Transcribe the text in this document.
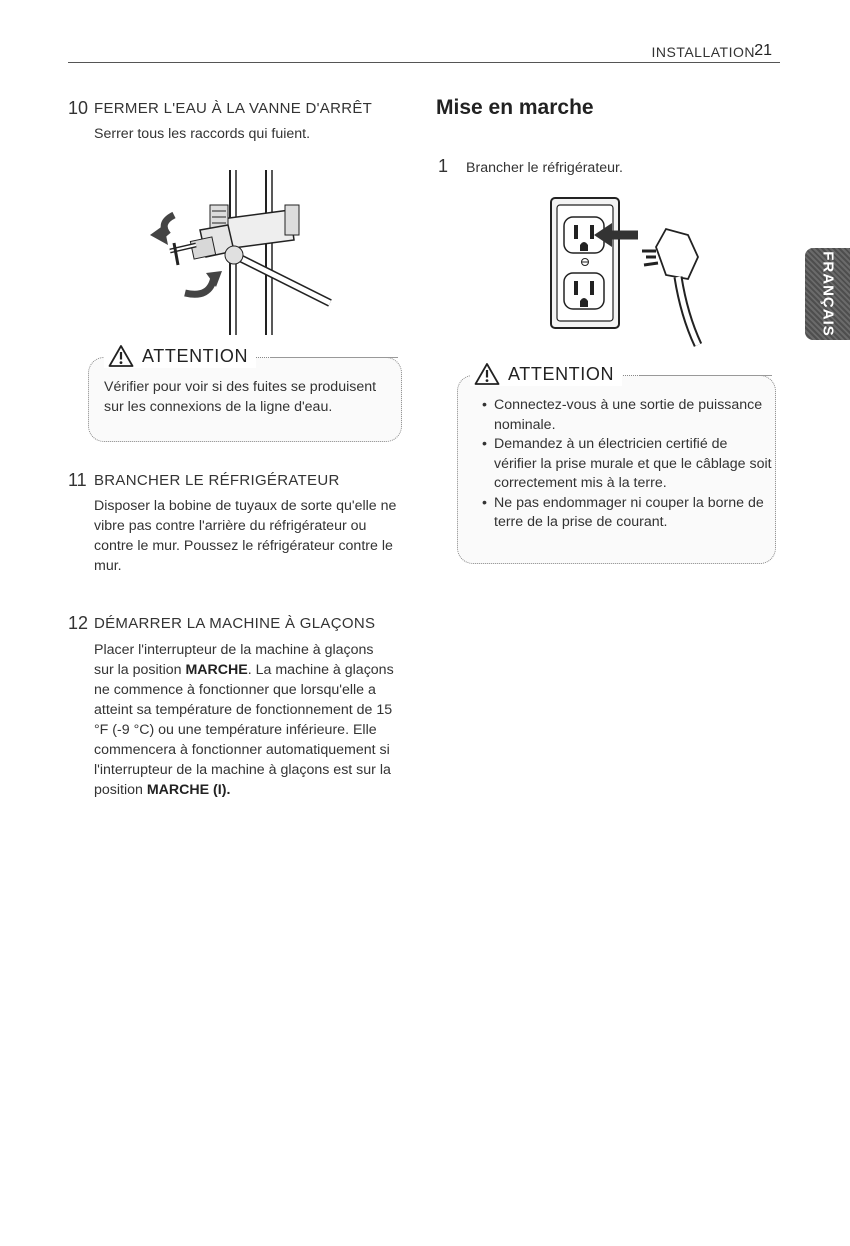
INSTALLATION 21
FRANÇAIS
10 FERMER L'EAU À LA VANNE D'ARRÊT
Serrer tous les raccords qui fuient.
ATTENTION
Vérifier pour voir si des fuites se produisent sur les connexions de la ligne d'eau.
11 BRANCHER LE RÉFRIGÉRATEUR
Disposer la bobine de tuyaux de sorte qu'elle ne vibre pas contre l'arrière du réfrigérateur ou contre le mur. Poussez le réfrigérateur contre le mur.
12 DÉMARRER LA MACHINE À GLAÇONS
Placer l'interrupteur de la machine à glaçons sur la position MARCHE. La machine à glaçons ne commence à fonctionner que lorsqu'elle a atteint sa température de fonctionnement de 15 °F (-9 °C) ou une température inférieure. Elle commencera à fonctionner automatiquement si l'interrupteur de la machine à glaçons est sur la position MARCHE (I).
Mise en marche
1 Brancher le réfrigérateur.
ATTENTION
• Connectez-vous à une sortie de puissance nominale.
• Demandez à un électricien certifié de vérifier la prise murale et que le câblage soit correctement mis à la terre.
• Ne pas endommager ni couper la borne de terre de la prise de courant.
